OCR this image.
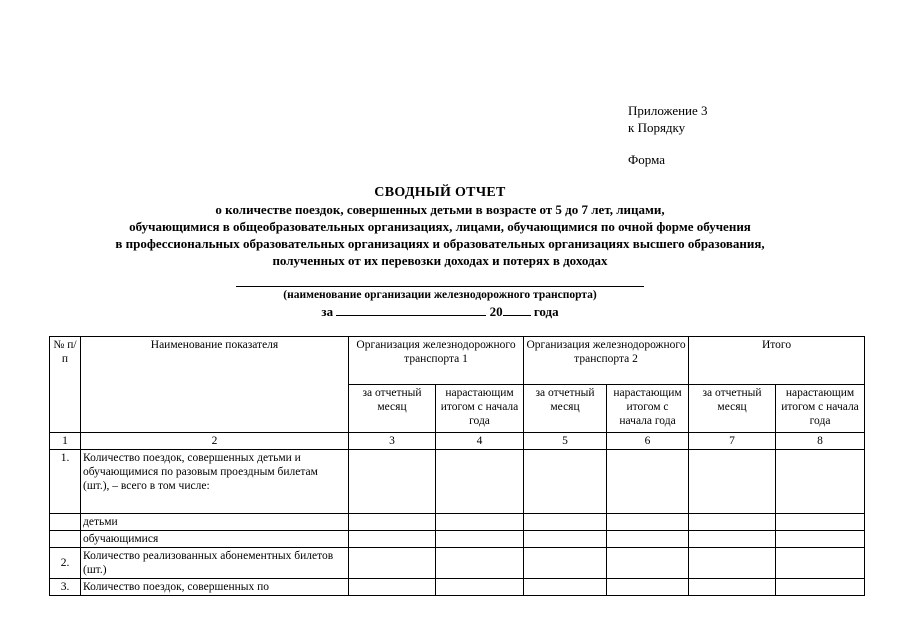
Приложение 3
к Порядку
Форма
СВОДНЫЙ ОТЧЕТ
о количестве поездок, совершенных детьми в возрасте от 5 до 7 лет, лицами,
обучающимися в общеобразовательных организациях, лицами, обучающимися по очной форме обучения
в профессиональных образовательных организациях и образовательных организациях высшего образования,
полученных от их перевозки доходах и потерях в доходах
(наименование организации железнодорожного транспорта)
за	20 года
№ п/п	Наименование показателя	Организация железнодорожного транспорта 1		Организация железнодорожного транспорта 2		Итого	
		за отчетный месяц	нарастающим итогом с начала года	за отчетный месяц	нарастающим итогом с начала года	за отчетный месяц	нарастающим итогом с начала года
1	2	3	4	5	6	7	8
1.	Количество поездок, совершенных детьми и обучающимися по разовым проездным билетам (шт.), – всего в том числе:						
	детьми						
	обучающимися						
2.	Количество реализованных абонементных билетов (шт.)						
3.	Количество поездок, совершенных по						
